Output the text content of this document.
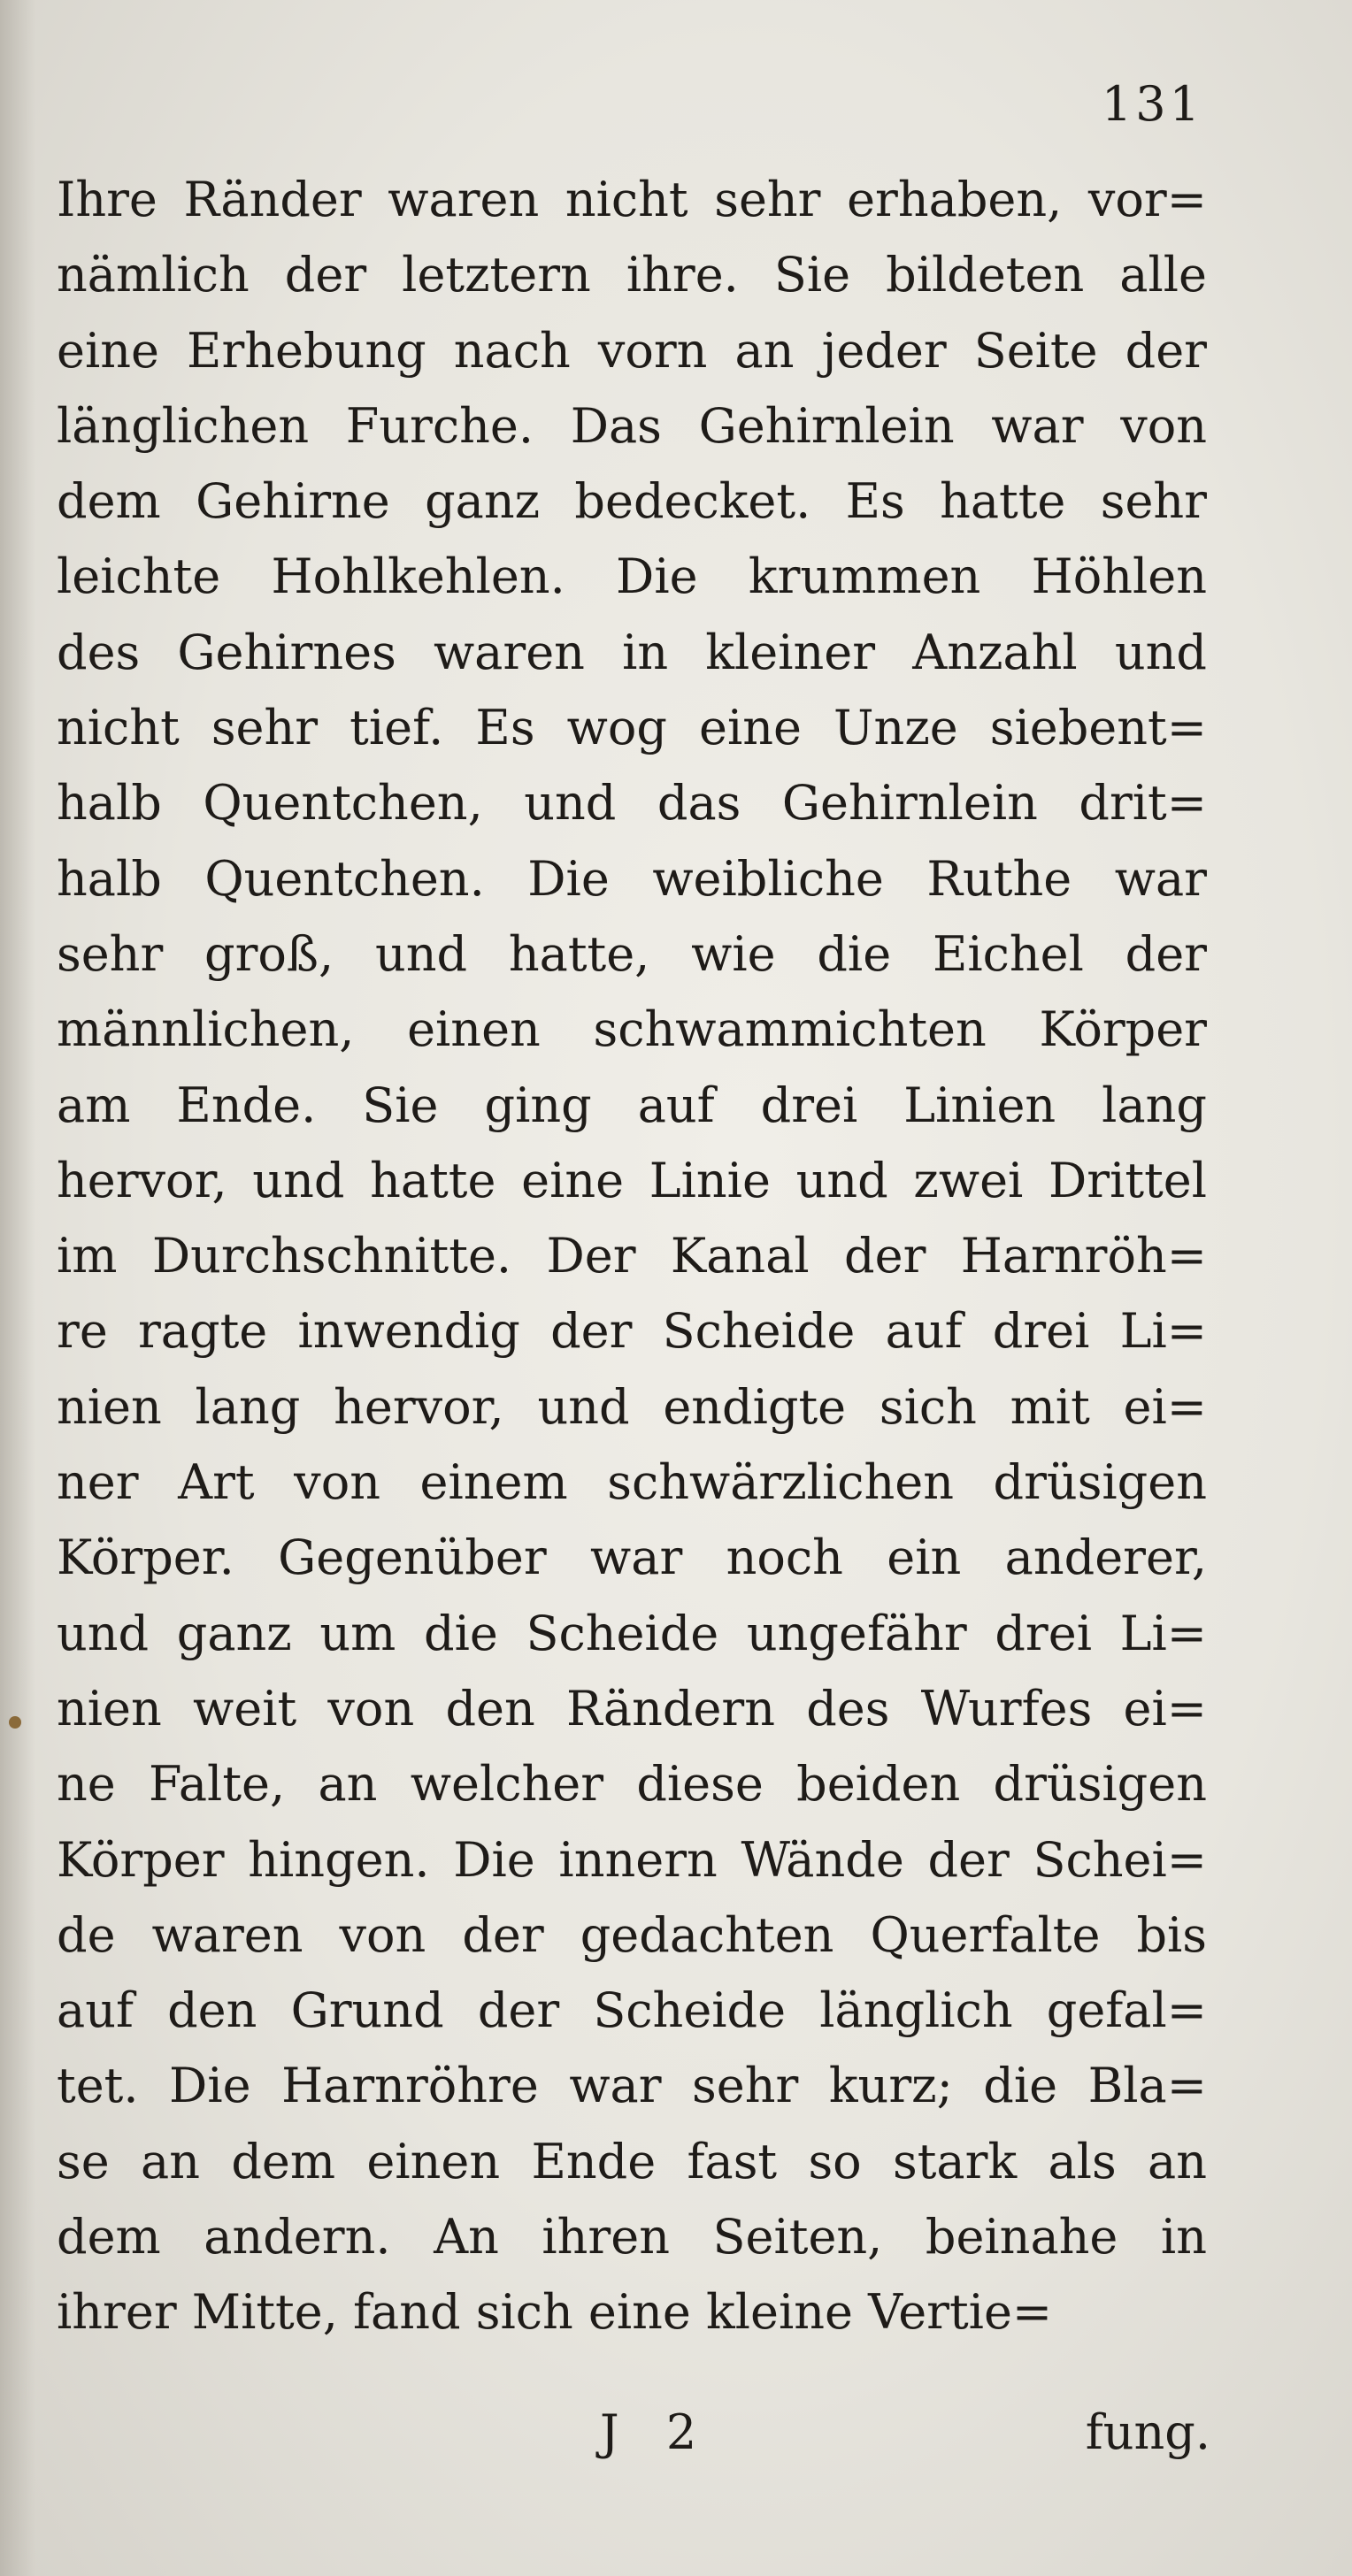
131
Ihre Ränder waren nicht sehr erhaben, vor=
nämlich der letztern ihre. Sie bildeten alle
eine Erhebung nach vorn an jeder Seite der
länglichen Furche. Das Gehirnlein war von
dem Gehirne ganz bedecket. Es hatte sehr
leichte Hohlkehlen. Die krummen Höhlen
des Gehirnes waren in kleiner Anzahl und
nicht sehr tief. Es wog eine Unze siebent=
halb Quentchen, und das Gehirnlein drit=
halb Quentchen. Die weibliche Ruthe war
sehr groß, und hatte, wie die Eichel der
männlichen, einen schwammichten Körper
am Ende. Sie ging auf drei Linien lang
hervor, und hatte eine Linie und zwei Drittel
im Durchschnitte. Der Kanal der Harnröh=
re ragte inwendig der Scheide auf drei Li=
nien lang hervor, und endigte sich mit ei=
ner Art von einem schwärzlichen drüsigen
Körper. Gegenüber war noch ein anderer,
und ganz um die Scheide ungefähr drei Li=
nien weit von den Rändern des Wurfes ei=
ne Falte, an welcher diese beiden drüsigen
Körper hingen. Die innern Wände der Schei=
de waren von der gedachten Querfalte bis
auf den Grund der Scheide länglich gefal=
tet. Die Harnröhre war sehr kurz; die Bla=
se an dem einen Ende fast so stark als an
dem andern. An ihren Seiten, beinahe in
ihrer Mitte, fand sich eine kleine Vertie=
J 2	fung.
